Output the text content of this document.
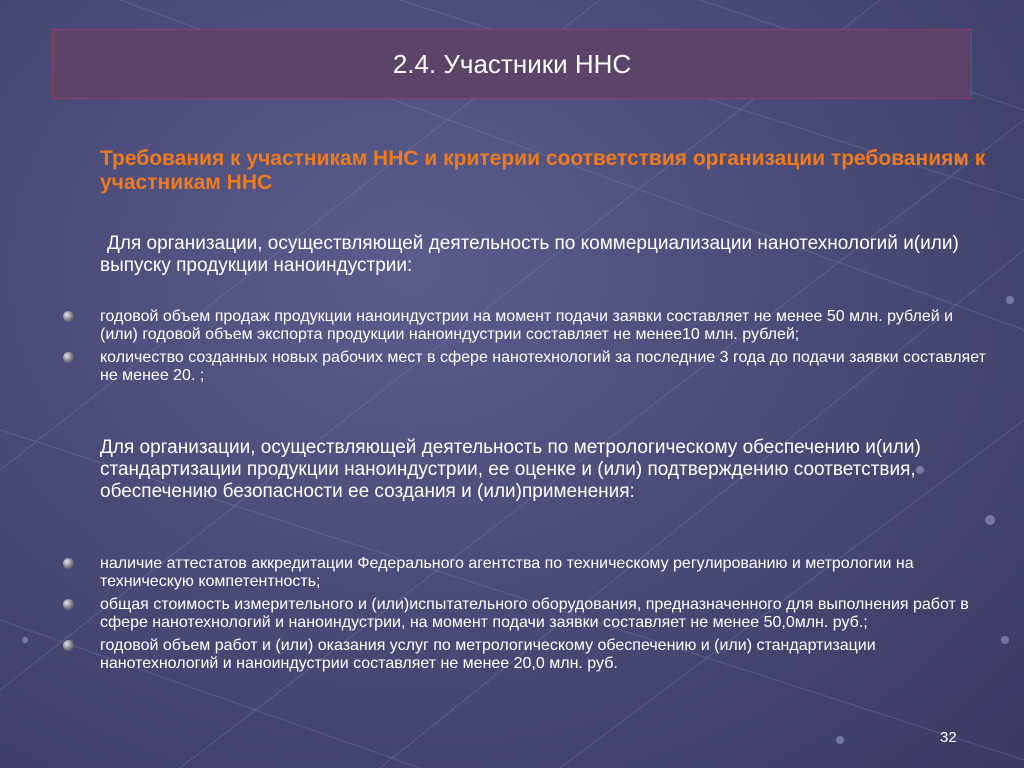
2.4. Участники ННС
Требования к участникам ННС и критерии соответствия организации требованиям к участникам ННС
Для организации, осуществляющей деятельность по коммерциализации нанотехнологий и(или) выпуску продукции наноиндустрии:
годовой объем продаж продукции наноиндустрии на момент подачи заявки составляет не менее 50 млн. рублей и (или) годовой объем экспорта продукции наноиндустрии составляет не менее10 млн. рублей;
количество созданных новых рабочих мест в сфере нанотехнологий за последние 3 года до подачи заявки составляет не менее 20. ;
Для организации, осуществляющей деятельность по метрологическому обеспечению и(или) стандартизации продукции наноиндустрии, ее оценке и (или) подтверждению соответствия, обеспечению безопасности ее создания и (или)применения:
наличие аттестатов аккредитации Федерального агентства по техническому регулированию и метрологии на техническую компетентность;
общая стоимость измерительного и (или)испытательного оборудования, предназначенного для выполнения работ в сфере нанотехнологий и наноиндустрии, на момент подачи заявки составляет не менее 50,0млн. руб.;
годовой объем работ и (или) оказания услуг по метрологическому обеспечению и (или) стандартизации нанотехнологий и наноиндустрии составляет не менее 20,0 млн. руб.
32
